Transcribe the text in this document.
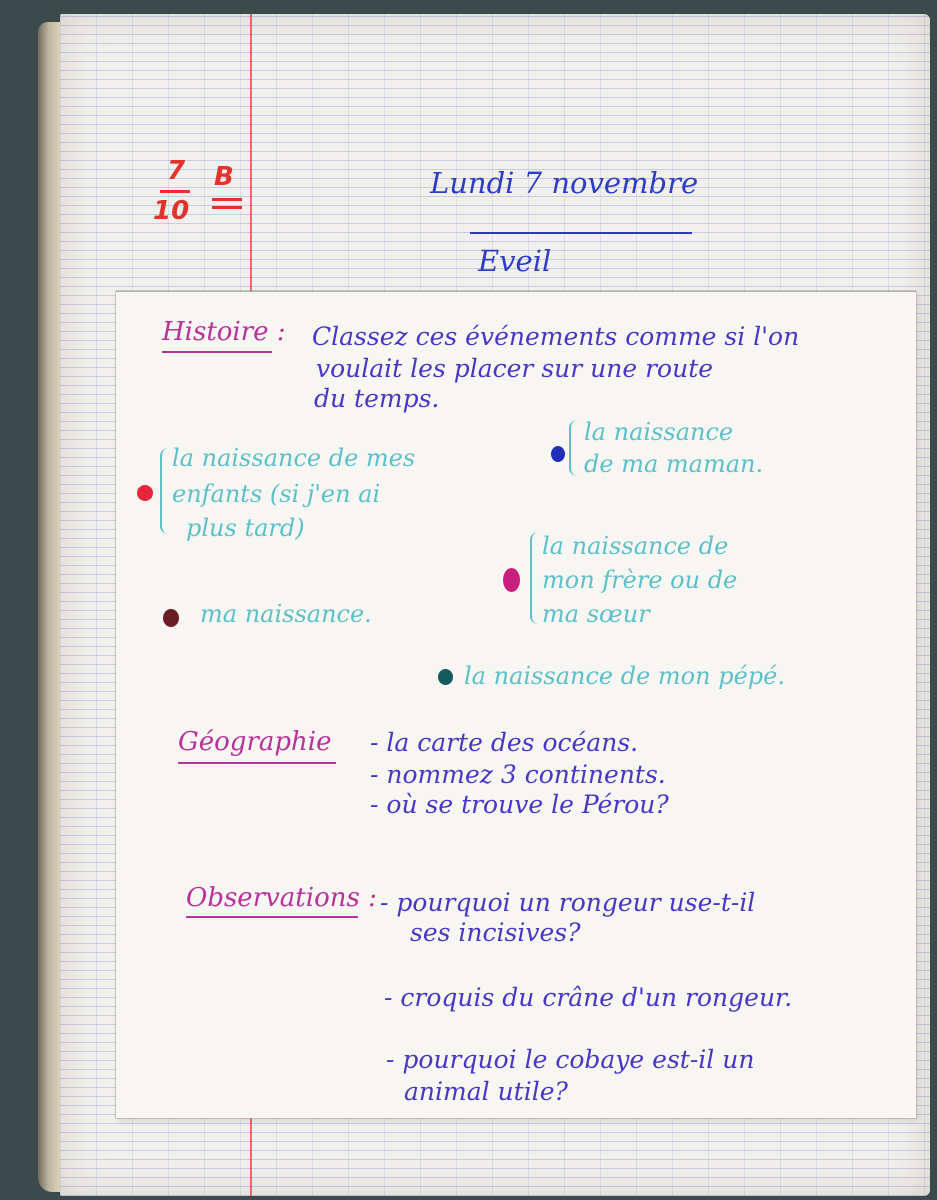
7

10

B	Lundi 7 novembre

Eveil

Histoire : Classez ces événements comme si l'on

voulait les placer sur une route

du temps.

la naissance de mes

enfants (si j'en ai

plus tard)

la naissance

de ma maman.

la naissance de

mon frère ou de

ma sœur

ma naissance.

la naissance de mon pépé.

Géographie - la carte des océans.

- nommez 3 continents.

- où se trouve le Pérou?

Observations : - pourquoi un rongeur use-t-il

ses incisives?

- croquis du crâne d'un rongeur.

- pourquoi le cobaye est-il un

animal utile?
